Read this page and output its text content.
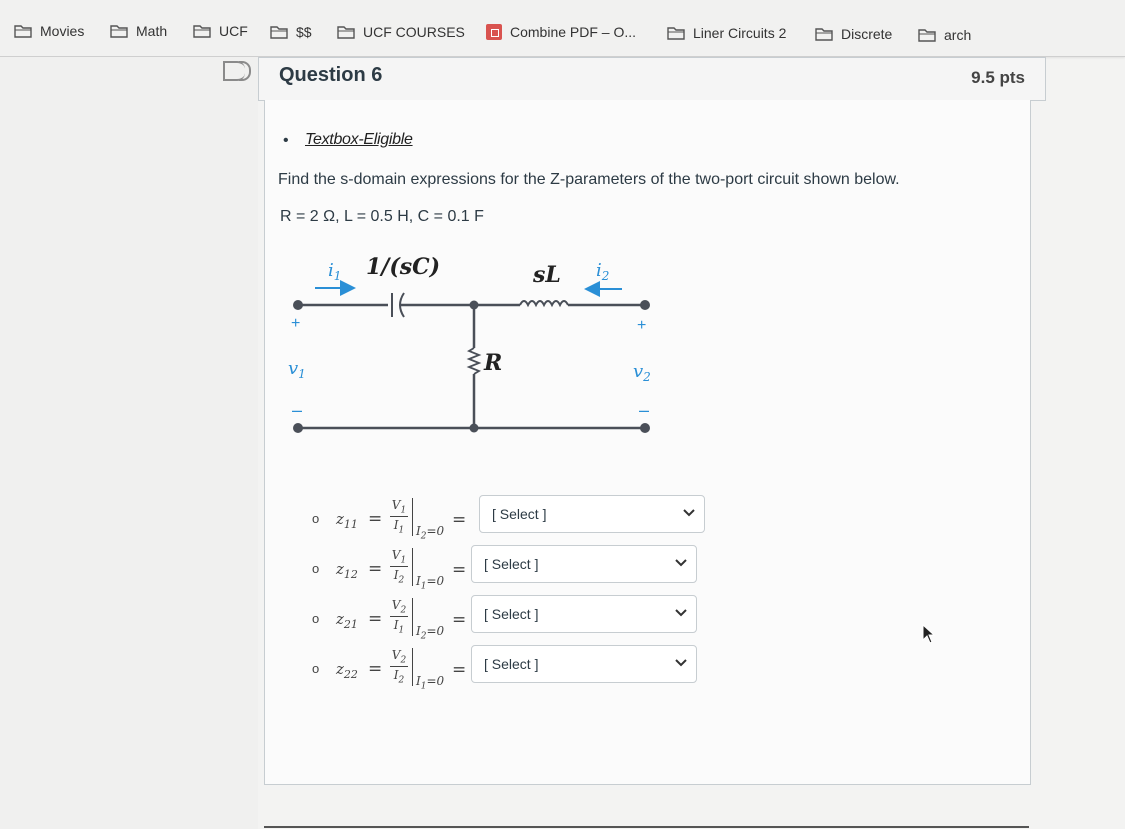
Movies	Math	UCF	$$	UCF COURSES	Combine PDF – O...	Liner Circuits 2	Discrete	arch
Question 6	9.5 pts
• Textbox-Eligible
Find the s-domain expressions for the Z-parameters of the two-port circuit shown below.
R = 2 Ω, L = 0.5 H, C = 0.1 F
$i_1$ 1/(sC)	sL $i_2$
R
+
$v_1$
–
+
$v_2$
–
o $z_{11} = \frac{V_1}{I_1} I_2=0$
= [ Select ]
o $z_{12} = \frac{V_1}{I_2} I_1=0$
= [ Select ]
o $z_{21} = \frac{V_2}{I_1} I_2=0$
= [ Select ]
o $z_{22} = \frac{V_2}{I_2} I_1=0$
= [ Select ]
